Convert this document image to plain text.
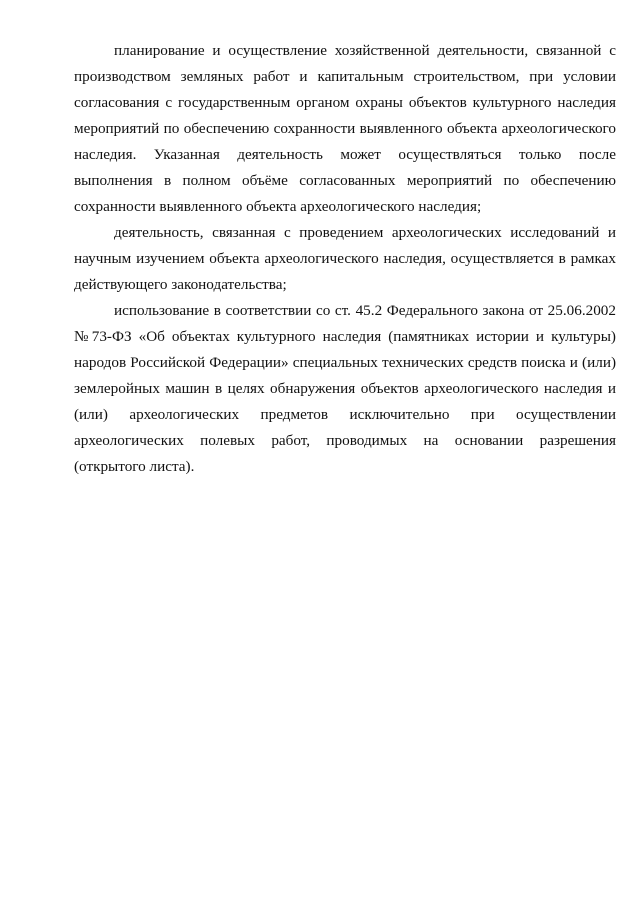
планирование и осуществление хозяйственной деятельности, связанной с производством земляных работ и капитальным строительством, при условии согласования с государственным органом охраны объектов культурного наследия мероприятий по обеспечению сохранности выявленного объекта археологического наследия. Указанная деятельность может осуществляться только после выполнения в полном объёме согласованных мероприятий по обеспечению сохранности выявленного объекта археологического наследия;

деятельность, связанная с проведением археологических исследований и научным изучением объекта археологического наследия, осуществляется в рамках действующего законодательства;

использование в соответствии со ст. 45.2 Федерального закона от 25.06.2002 №73-ФЗ «Об объектах культурного наследия (памятниках истории и культуры) народов Российской Федерации» специальных технических средств поиска и (или) землеройных машин в целях обнаружения объектов археологического наследия и (или) археологических предметов исключительно при осуществлении археологических полевых работ, проводимых на основании разрешения (открытого листа).
